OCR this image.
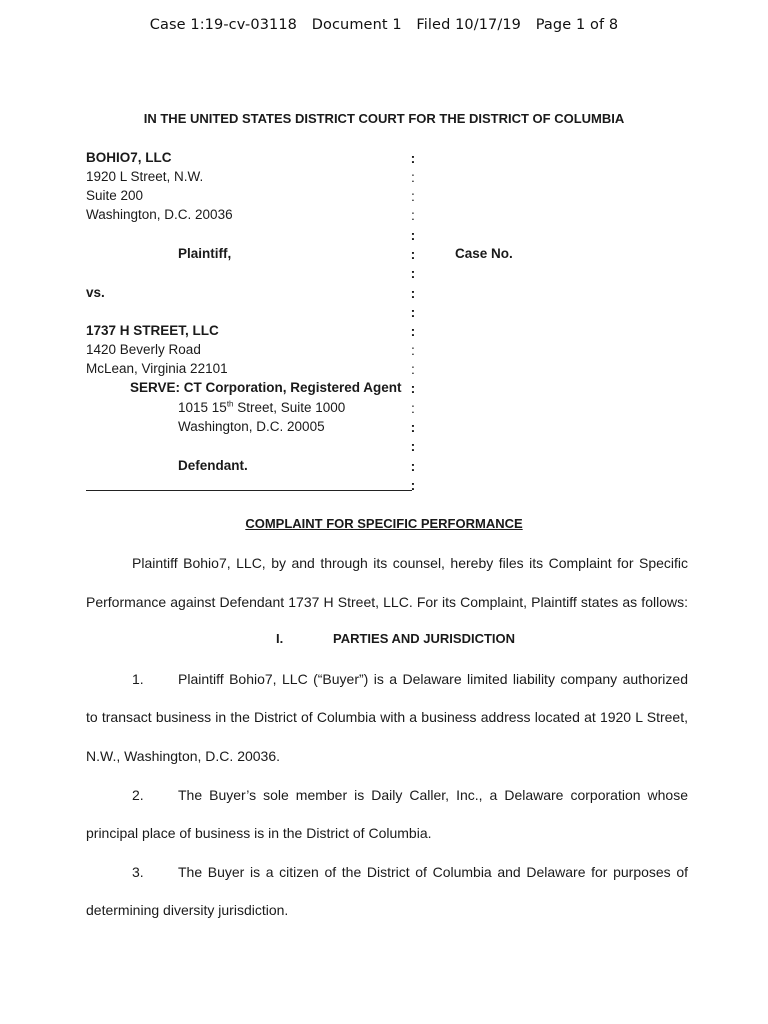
Case 1:19-cv-03118 Document 1 Filed 10/17/19 Page 1 of 8
IN THE UNITED STATES DISTRICT COURT FOR THE DISTRICT OF COLUMBIA
BOHIO7, LLC
1920 L Street, N.W.
Suite 200
Washington, D.C. 20036
Plaintiff,	Case No.
vs.
1737 H STREET, LLC
1420 Beverly Road
McLean, Virginia 22101
SERVE: CT Corporation, Registered Agent
1015 15th Street, Suite 1000
Washington, D.C. 20005
Defendant.
:
:
:
:
:
:
:
:
:
:
:
:
:
:
:
:
:
:
COMPLAINT FOR SPECIFIC PERFORMANCE
Plaintiff Bohio7, LLC, by and through its counsel, hereby files its Complaint for Specific
Performance against Defendant 1737 H Street, LLC. For its Complaint, Plaintiff states as follows:
I.	PARTIES AND JURISDICTION
1. Plaintiff Bohio7, LLC (“Buyer”) is a Delaware limited liability company authorized
to transact business in the District of Columbia with a business address located at 1920 L Street,
N.W., Washington, D.C. 20036.
2. The Buyer’s sole member is Daily Caller, Inc., a Delaware corporation whose
principal place of business is in the District of Columbia.
3. The Buyer is a citizen of the District of Columbia and Delaware for purposes of
determining diversity jurisdiction.
